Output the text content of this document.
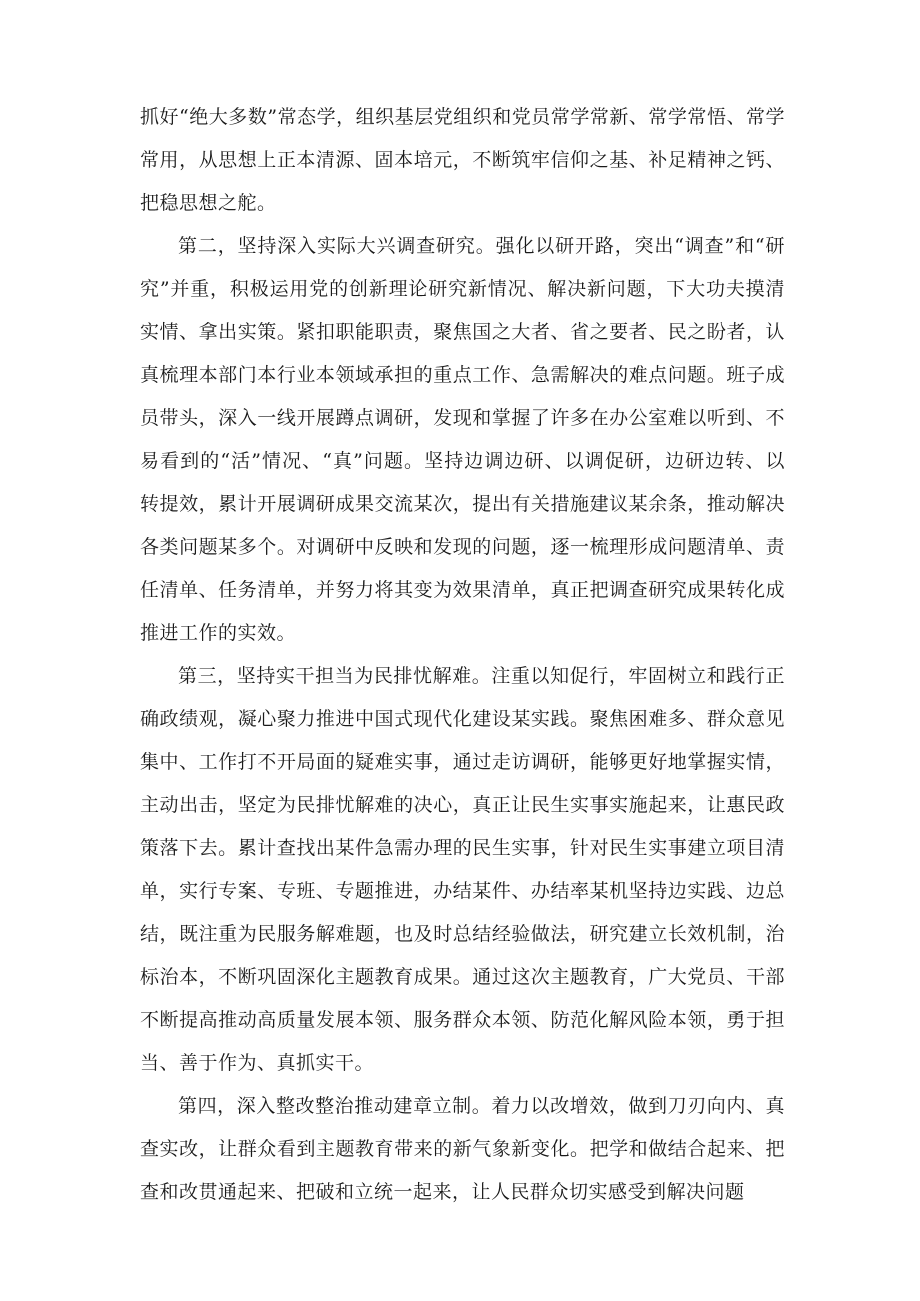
抓好“绝大多数”常态学，组织基层党组织和党员常学常新、常学常悟、常学常用，从思想上正本清源、固本培元，不断筑牢信仰之基、补足精神之钙、把稳思想之舵。

第二，坚持深入实际大兴调查研究。强化以研开路，突出“调查”和“研究”并重，积极运用党的创新理论研究新情况、解决新问题，下大功夫摸清实情、拿出实策。紧扣职能职责，聚焦国之大者、省之要者、民之盼者，认真梳理本部门本行业本领域承担的重点工作、急需解决的难点问题。班子成员带头，深入一线开展蹲点调研，发现和掌握了许多在办公室难以听到、不易看到的“活”情况、“真”问题。坚持边调边研、以调促研，边研边转、以转提效，累计开展调研成果交流某次，提出有关措施建议某余条，推动解决各类问题某多个。对调研中反映和发现的问题，逐一梳理形成问题清单、责任清单、任务清单，并努力将其变为效果清单，真正把调查研究成果转化成推进工作的实效。

第三，坚持实干担当为民排忧解难。注重以知促行，牢固树立和践行正确政绩观，凝心聚力推进中国式现代化建设某实践。聚焦困难多、群众意见集中、工作打不开局面的疑难实事，通过走访调研，能够更好地掌握实情，主动出击，坚定为民排忧解难的决心，真正让民生实事实施起来，让惠民政策落下去。累计查找出某件急需办理的民生实事，针对民生实事建立项目清单，实行专案、专班、专题推进，办结某件、办结率某机坚持边实践、边总结，既注重为民服务解难题，也及时总结经验做法，研究建立长效机制，治标治本，不断巩固深化主题教育成果。通过这次主题教育，广大党员、干部不断提高推动高质量发展本领、服务群众本领、防范化解风险本领，勇于担当、善于作为、真抓实干。

第四，深入整改整治推动建章立制。着力以改增效，做到刀刃向内、真查实改，让群众看到主题教育带来的新气象新变化。把学和做结合起来、把查和改贯通起来、把破和立统一起来，让人民群众切实感受到解决问题
